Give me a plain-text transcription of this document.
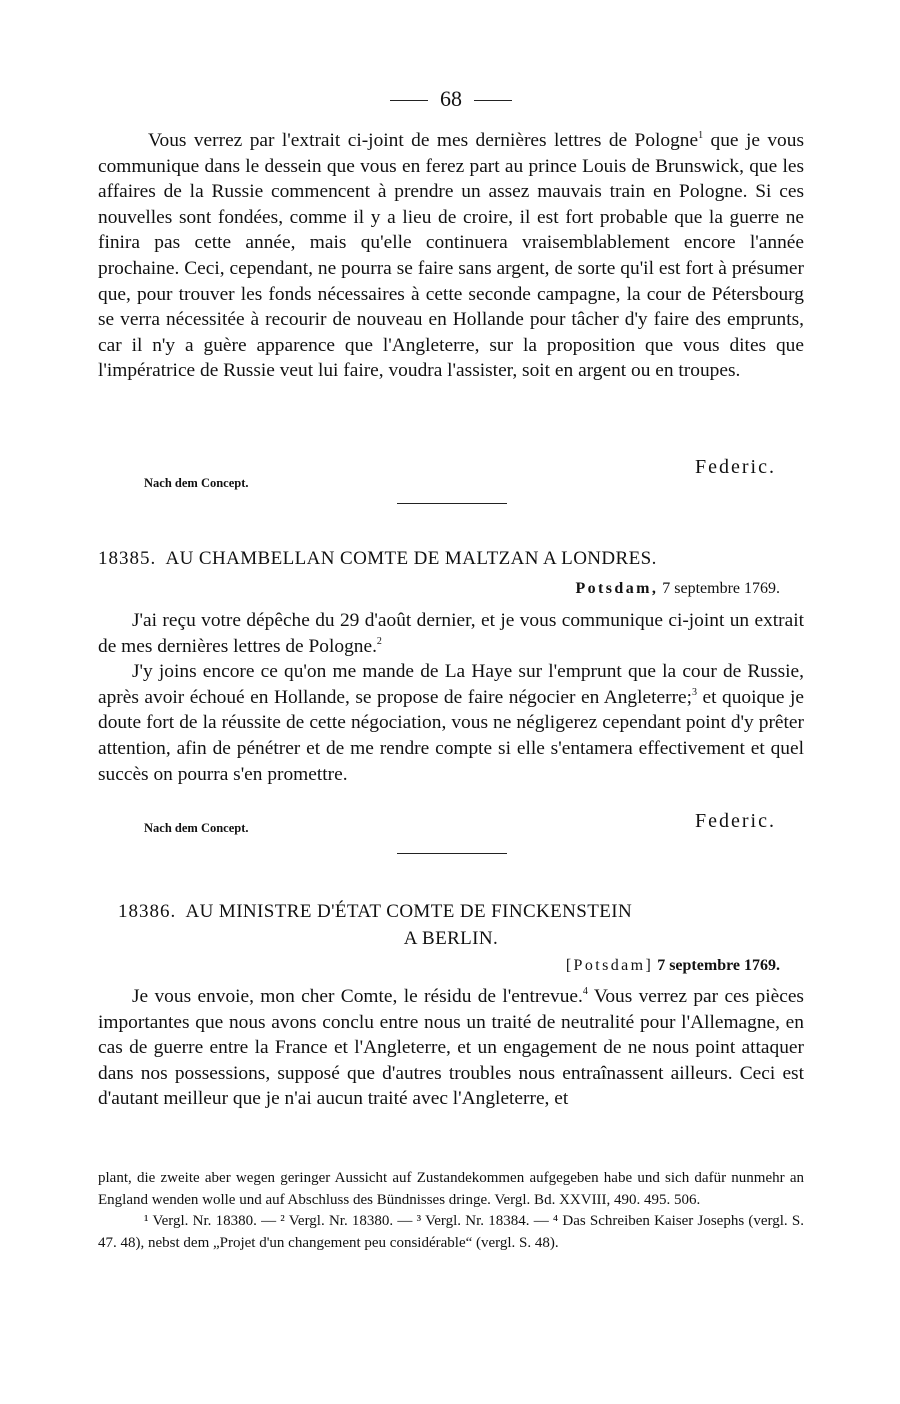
68

Vous verrez par l'extrait ci-joint de mes dernières lettres de Pologne$^1$ que je vous communique dans le dessein que vous en ferez part au prince Louis de Brunswick, que les affaires de la Russie commencent à prendre un assez mauvais train en Pologne. Si ces nouvelles sont fondées, comme il y a lieu de croire, il est fort probable que la guerre ne finira pas cette année, mais qu'elle continuera vraisemblablement encore l'année prochaine. Ceci, cependant, ne pourra se faire sans argent, de sorte qu'il est fort à présumer que, pour trouver les fonds nécessaires à cette seconde campagne, la cour de Pétersbourg se verra nécessitée à recourir de nouveau en Hollande pour tâcher d'y faire des emprunts, car il n'y a guère apparence que l'Angleterre, sur la proposition que vous dites que l'impératrice de Russie veut lui faire, voudra l'assister, soit en argent ou en troupes.

Federic.
Nach dem Concept.
18385. AU CHAMBELLAN COMTE DE MALTZAN A LONDRES.
Potsdam, 7 septembre 1769.

J'ai reçu votre dépêche du 29 d'août dernier, et je vous communique ci-joint un extrait de mes dernières lettres de Pologne.$^2$

J'y joins encore ce qu'on me mande de La Haye sur l'emprunt que la cour de Russie, après avoir échoué en Hollande, se propose de faire négocier en Angleterre;$^3$ et quoique je doute fort de la réussite de cette négociation, vous ne négligerez cependant point d'y prêter attention, afin de pénétrer et de me rendre compte si elle s'entamera effectivement et quel succès on pourra s'en promettre.

Federic.
Nach dem Concept.
18386. AU MINISTRE D'ÉTAT COMTE DE FINCKENSTEIN
A BERLIN.
[Potsdam] 7 septembre 1769.

Je vous envoie, mon cher Comte, le résidu de l'entrevue.$^4$ Vous verrez par ces pièces importantes que nous avons conclu entre nous un traité de neutralité pour l'Allemagne, en cas de guerre entre la France et l'Angleterre, et un engagement de ne nous point attaquer dans nos possessions, supposé que d'autres troubles nous entraînassent ailleurs. Ceci est d'autant meilleur que je n'ai aucun traité avec l'Angleterre, et

plant, die zweite aber wegen geringer Aussicht auf Zustandekommen aufgegeben habe und sich dafür nunmehr an England wenden wolle und auf Abschluss des Bündnisses dringe. Vergl. Bd. XXVIII, 490. 495. 506.

¹ Vergl. Nr. 18380. — ² Vergl. Nr. 18380. — ³ Vergl. Nr. 18384. — ⁴ Das Schreiben Kaiser Josephs (vergl. S. 47. 48), nebst dem „Projet d'un changement peu considérable“ (vergl. S. 48).
